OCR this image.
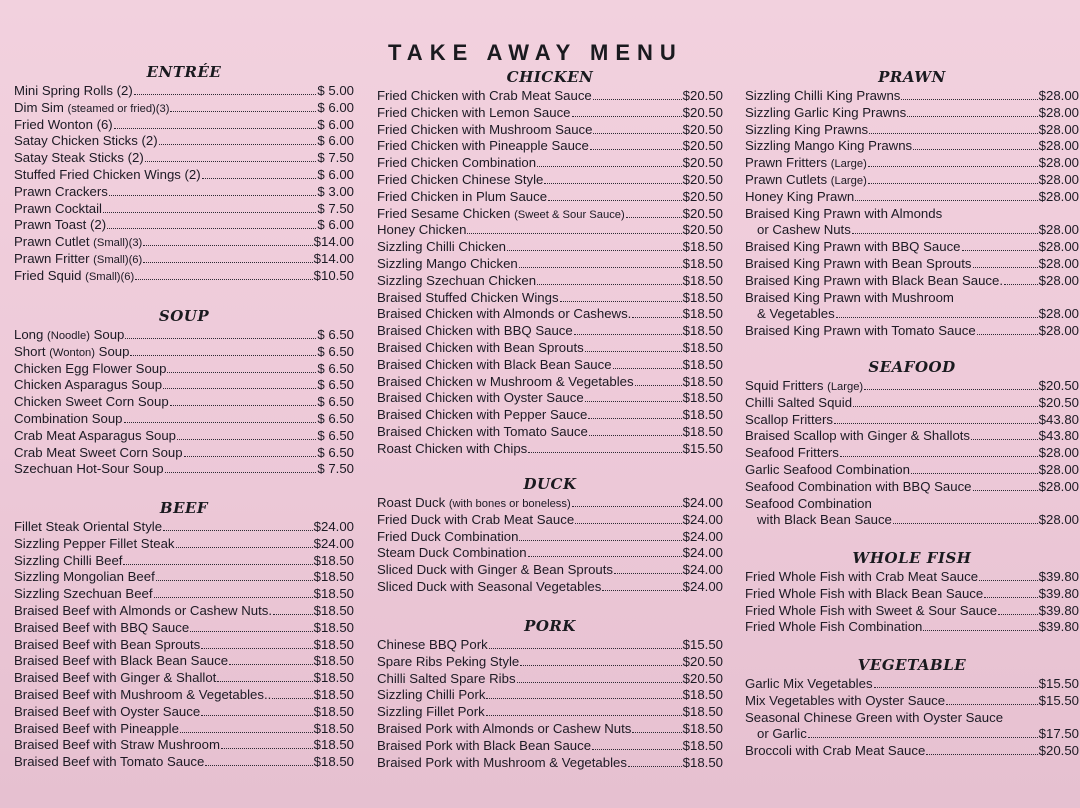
TAKE AWAY MENU
ENTRÉE
Mini Spring Rolls (2)	$ 5.00
Dim Sim (steamed or fried)(3)	$ 6.00
Fried Wonton (6)	$ 6.00
Satay Chicken Sticks (2)	$ 6.00
Satay Steak Sticks (2)	$ 7.50
Stuffed Fried Chicken Wings (2)	$ 6.00
Prawn Crackers	$ 3.00
Prawn Cocktail	$ 7.50
Prawn Toast (2)	$ 6.00
Prawn Cutlet (Small)(3)	$14.00
Prawn Fritter (Small)(6)	$14.00
Fried Squid (Small)(6)	$10.50
SOUP
Long (Noodle) Soup	$ 6.50
Short (Wonton) Soup	$ 6.50
Chicken Egg Flower Soup	$ 6.50
Chicken Asparagus Soup	$ 6.50
Chicken Sweet Corn Soup	$ 6.50
Combination Soup	$ 6.50
Crab Meat Asparagus Soup	$ 6.50
Crab Meat Sweet Corn Soup	$ 6.50
Szechuan Hot-Sour Soup	$ 7.50
BEEF
Fillet Steak Oriental Style	$24.00
Sizzling Pepper Fillet Steak	$24.00
Sizzling Chilli Beef	$18.50
Sizzling Mongolian Beef	$18.50
Sizzling Szechuan Beef	$18.50
Braised Beef with Almonds or Cashew Nuts.	$18.50
Braised Beef with BBQ Sauce	$18.50
Braised Beef with Bean Sprouts	$18.50
Braised Beef with Black Bean Sauce	$18.50
Braised Beef with Ginger & Shallot	$18.50
Braised Beef with Mushroom & Vegetables..	$18.50
Braised Beef with Oyster Sauce	$18.50
Braised Beef with Pineapple	$18.50
Braised Beef with Straw Mushroom	$18.50
Braised Beef with Tomato Sauce	$18.50
CHICKEN
Fried Chicken with Crab Meat Sauce	$20.50
Fried Chicken with Lemon Sauce	$20.50
Fried Chicken with Mushroom Sauce	$20.50
Fried Chicken with Pineapple Sauce	$20.50
Fried Chicken Combination	$20.50
Fried Chicken Chinese Style	$20.50
Fried Chicken in Plum Sauce	$20.50
Fried Sesame Chicken (Sweet & Sour Sauce)	$20.50
Honey Chicken	$20.50
Sizzling Chilli Chicken	$18.50
Sizzling Mango Chicken	$18.50
Sizzling Szechuan Chicken	$18.50
Braised Stuffed Chicken Wings	$18.50
Braised Chicken with Almonds or Cashews.	$18.50
Braised Chicken with BBQ Sauce	$18.50
Braised Chicken with Bean Sprouts	$18.50
Braised Chicken with Black Bean Sauce	$18.50
Braised Chicken w Mushroom & Vegetables	$18.50
Braised Chicken with Oyster Sauce	$18.50
Braised Chicken with Pepper Sauce	$18.50
Braised Chicken with Tomato Sauce	$18.50
Roast Chicken with Chips	$15.50
DUCK
Roast Duck (with bones or boneless)	$24.00
Fried Duck with Crab Meat Sauce	$24.00
Fried Duck Combination	$24.00
Steam Duck Combination	$24.00
Sliced Duck with Ginger & Bean Sprouts	$24.00
Sliced Duck with Seasonal Vegetables	$24.00
PORK
Chinese BBQ Pork	$15.50
Spare Ribs Peking Style	$20.50
Chilli Salted Spare Ribs	$20.50
Sizzling Chilli Pork	$18.50
Sizzling Fillet Pork	$18.50
Braised Pork with Almonds or Cashew Nuts	$18.50
Braised Pork with Black Bean Sauce	$18.50
Braised Pork with Mushroom & Vegetables	$18.50
PRAWN
Sizzling Chilli King Prawns	$28.00
Sizzling Garlic King Prawns	$28.00
Sizzling King Prawns	$28.00
Sizzling Mango King Prawns	$28.00
Prawn Fritters (Large)	$28.00
Prawn Cutlets (Large)	$28.00
Honey King Prawn	$28.00
Braised King Prawn with Almonds
or Cashew Nuts	$28.00
Braised King Prawn with BBQ Sauce	$28.00
Braised King Prawn with Bean Sprouts	$28.00
Braised King Prawn with Black Bean Sauce.	$28.00
Braised King Prawn with Mushroom
& Vegetables	$28.00
Braised King Prawn with Tomato Sauce	$28.00
SEAFOOD
Squid Fritters (Large)	$20.50
Chilli Salted Squid	$20.50
Scallop Fritters	$43.80
Braised Scallop with Ginger & Shallots	$43.80
Seafood Fritters	$28.00
Garlic Seafood Combination	$28.00
Seafood Combination with BBQ Sauce	$28.00
Seafood Combination
with Black Bean Sauce	$28.00
WHOLE FISH
Fried Whole Fish with Crab Meat Sauce	$39.80
Fried Whole Fish with Black Bean Sauce	$39.80
Fried Whole Fish with Sweet & Sour Sauce	$39.80
Fried Whole Fish Combination	$39.80
VEGETABLE
Garlic Mix Vegetables	$15.50
Mix Vegetables with Oyster Sauce	$15.50
Seasonal Chinese Green with Oyster Sauce
or Garlic	$17.50
Broccoli with Crab Meat Sauce	$20.50
